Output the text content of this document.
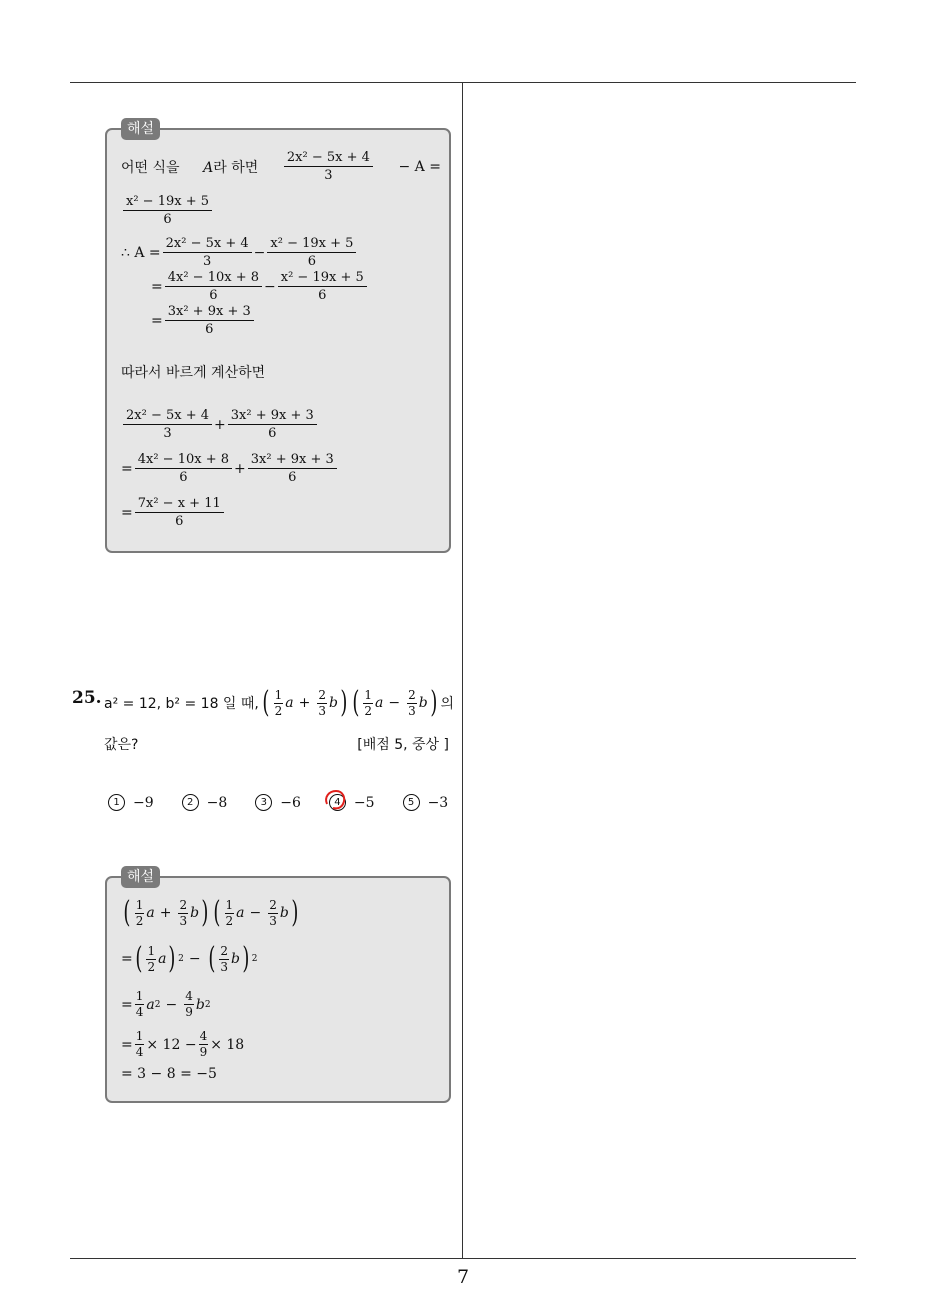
해설
어떤 식을 A라 하면 $\frac{\text{2x² − 5x + 4}}{3} - A$ =
$\frac{\text{x² − 19x + 5}}{6}$
∴ $A = \frac{\text{2x² − 5x + 4}}{3} - \frac{\text{x² − 19x + 5}}{6}$
= $\frac{\text{4x² − 10x + 8}}{6} - \frac{\text{x² − 19x + 5}}{6}$
= $\frac{\text{3x² + 9x + 3}}{6}$
따라서 바르게 계산하면
$\frac{\text{2x² − 5x + 4}}{3} + \frac{\text{3x² + 9x + 3}}{6}$
= $\frac{\text{4x² − 10x + 8}}{6} + \frac{\text{3x² + 9x + 3}}{6}$
= $\frac{\text{7x² − x + 11}}{6}$
25. a² = 12, b² = 18 일 때, ( $\frac{1}{2}$ $a + \frac{2}{3}$ b ) ( $\frac{1}{2}$ $a - \frac{2}{3}$ b ) 의
값은?	[배점 5, 중상 ]
1 −9	2 −8	3 −6	4 −5	5 −3
해설
( $\frac{1}{2}$ $a + \frac{2}{3}$ b ) ( $\frac{1}{2}$ $a - \frac{2}{3}$ b )
= ( $\frac{1}{2}$ a ) 2 − ( $\frac{2}{3}$ b ) 2
= $\frac{1}{4}$ a $2 - \frac{4}{9}$ b 2
= $\frac{1}{4} \times 12 - \frac{4}{9} \times 18$
= 3 − 8 = −5
7
